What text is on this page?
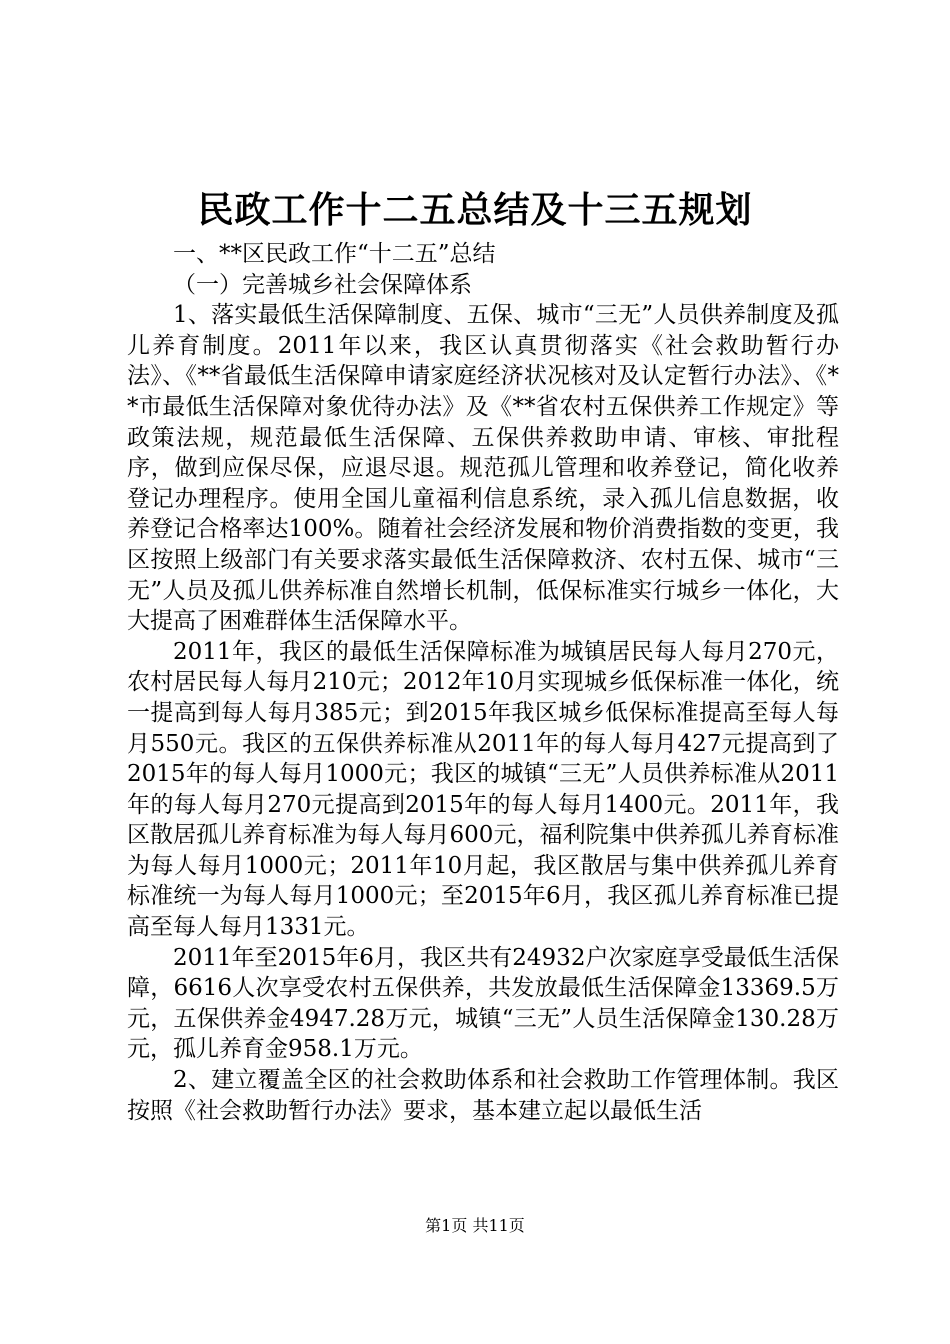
民政工作十二五总结及十三五规划

一、**区民政工作“十二五”总结

（一）完善城乡社会保障体系

1、落实最低生活保障制度、五保、城市“三无”人员供养制度及孤儿养育制度。2011年以来，我区认真贯彻落实《社会救助暂行办法》、《**省最低生活保障申请家庭经济状况核对及认定暂行办法》、《**市最低生活保障对象优待办法》及《**省农村五保供养工作规定》等政策法规，规范最低生活保障、五保供养救助申请、审核、审批程序，做到应保尽保，应退尽退。规范孤儿管理和收养登记，简化收养登记办理程序。使用全国儿童福利信息系统，录入孤儿信息数据，收养登记合格率达100%。随着社会经济发展和物价消费指数的变更，我区按照上级部门有关要求落实最低生活保障救济、农村五保、城市“三无”人员及孤儿供养标准自然增长机制，低保标准实行城乡一体化，大大提高了困难群体生活保障水平。

2011年，我区的最低生活保障标准为城镇居民每人每月270元，农村居民每人每月210元；2012年10月实现城乡低保标准一体化，统一提高到每人每月385元；到2015年我区城乡低保标准提高至每人每月550元。我区的五保供养标准从2011年的每人每月427元提高到了2015年的每人每月1000元；我区的城镇“三无”人员供养标准从2011年的每人每月270元提高到2015年的每人每月1400元。2011年，我区散居孤儿养育标准为每人每月600元，福利院集中供养孤儿养育标准为每人每月1000元；2011年10月起，我区散居与集中供养孤儿养育标准统一为每人每月1000元；至2015年6月，我区孤儿养育标准已提高至每人每月1331元。

2011年至2015年6月，我区共有24932户次家庭享受最低生活保障，6616人次享受农村五保供养，共发放最低生活保障金13369.5万元，五保供养金4947.28万元，城镇“三无”人员生活保障金130.28万元，孤儿养育金958.1万元。

2、建立覆盖全区的社会救助体系和社会救助工作管理体制。我区按照《社会救助暂行办法》要求，基本建立起以最低生活

第1页 共11页
